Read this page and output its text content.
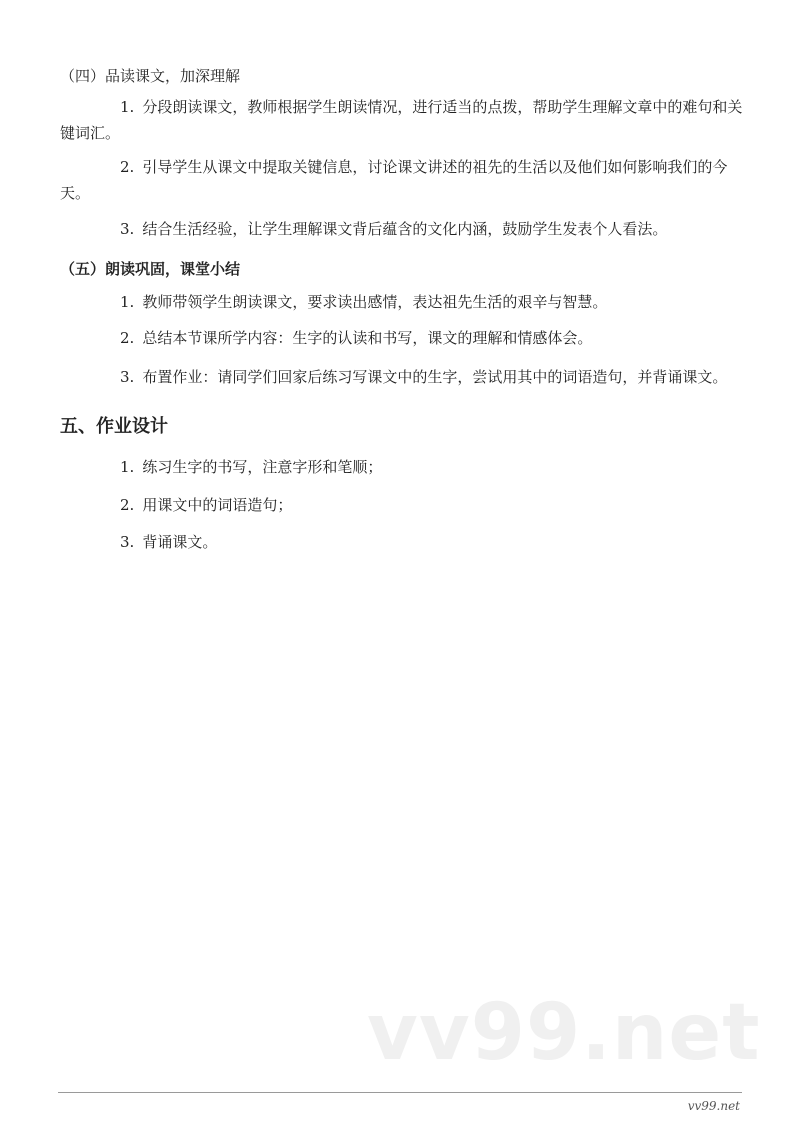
（四）品读课文，加深理解
1. 分段朗读课文，教师根据学生朗读情况，进行适当的点拨，帮助学生理解文章中的难句和关键词汇。
2. 引导学生从课文中提取关键信息，讨论课文讲述的祖先的生活以及他们如何影响我们的今天。
3. 结合生活经验，让学生理解课文背后蕴含的文化内涵，鼓励学生发表个人看法。
（五）朗读巩固，课堂小结
1. 教师带领学生朗读课文，要求读出感情，表达祖先生活的艰辛与智慧。
2. 总结本节课所学内容：生字的认读和书写，课文的理解和情感体会。
3. 布置作业：请同学们回家后练习写课文中的生字，尝试用其中的词语造句，并背诵课文。
五、作业设计
1. 练习生字的书写，注意字形和笔顺；
2. 用课文中的词语造句；
3. 背诵课文。
vv99.net
vv99.net
